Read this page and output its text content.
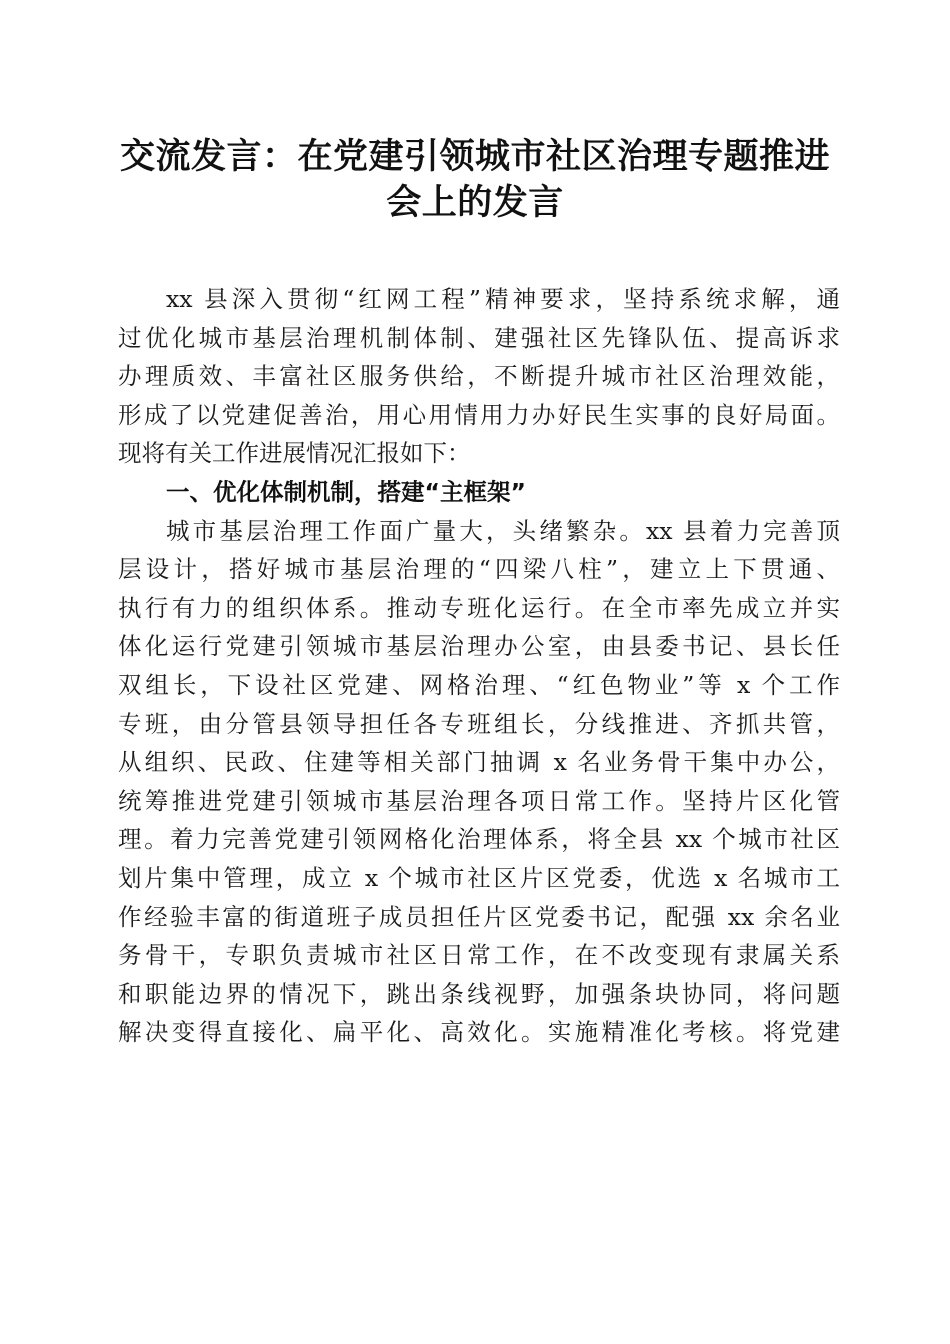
交流发言：在党建引领城市社区治理专题推进
会上的发言
xx 县深入贯彻“红网工程”精神要求，坚持系统求解，通
过优化城市基层治理机制体制、建强社区先锋队伍、提高诉求
办理质效、丰富社区服务供给，不断提升城市社区治理效能，
形成了以党建促善治，用心用情用力办好民生实事的良好局面。
现将有关工作进展情况汇报如下：
一、优化体制机制，搭建“主框架”
城市基层治理工作面广量大，头绪繁杂。xx 县着力完善顶
层设计，搭好城市基层治理的“四梁八柱”，建立上下贯通、
执行有力的组织体系。推动专班化运行。在全市率先成立并实
体化运行党建引领城市基层治理办公室，由县委书记、县长任
双组长，下设社区党建、网格治理、“红色物业”等 x 个工作
专班，由分管县领导担任各专班组长，分线推进、齐抓共管，
从组织、民政、住建等相关部门抽调 x 名业务骨干集中办公，
统筹推进党建引领城市基层治理各项日常工作。坚持片区化管
理。着力完善党建引领网格化治理体系，将全县 xx 个城市社区
划片集中管理，成立 x 个城市社区片区党委，优选 x 名城市工
作经验丰富的街道班子成员担任片区党委书记，配强 xx 余名业
务骨干，专职负责城市社区日常工作，在不改变现有隶属关系
和职能边界的情况下，跳出条线视野，加强条块协同，将问题
解决变得直接化、扁平化、高效化。实施精准化考核。将党建
